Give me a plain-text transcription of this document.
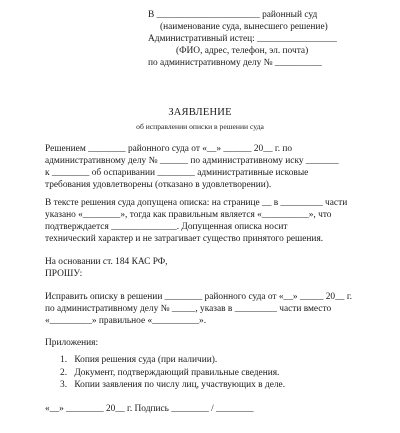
В ______________________ районный суд
(наименование суда, вынесшего решение)
Административный истец: _________________
(ФИО, адрес, телефон, эл. почта)
по административному делу № __________
ЗАЯВЛЕНИЕ
об исправлении описки в решении суда
Решением ________ районного суда от «__» ______ 20__ г. по
административному делу № ______ по административному иску _______
к ________ об оспаривании ________ административные исковые
требования удовлетворены (отказано в удовлетворении).
В тексте решения суда допущена описка: на странице __ в _________ части
указано «________», тогда как правильным является «__________», что
подтверждается ______________. Допущенная описка носит
технический характер и не затрагивает существо принятого решения.
На основании ст. 184 КАС РФ,
ПРОШУ:
Исправить описку в решении ________ районного суда от «__» _____ 20__ г.
по административному делу № _____, указав в _________ части вместо
«_________» правильное «__________».
Приложения:
1. Копия решения суда (при наличии).
2. Документ, подтверждающий правильные сведения.
3. Копии заявления по числу лиц, участвующих в деле.
«__» ________ 20__ г. Подпись ________ / ________
